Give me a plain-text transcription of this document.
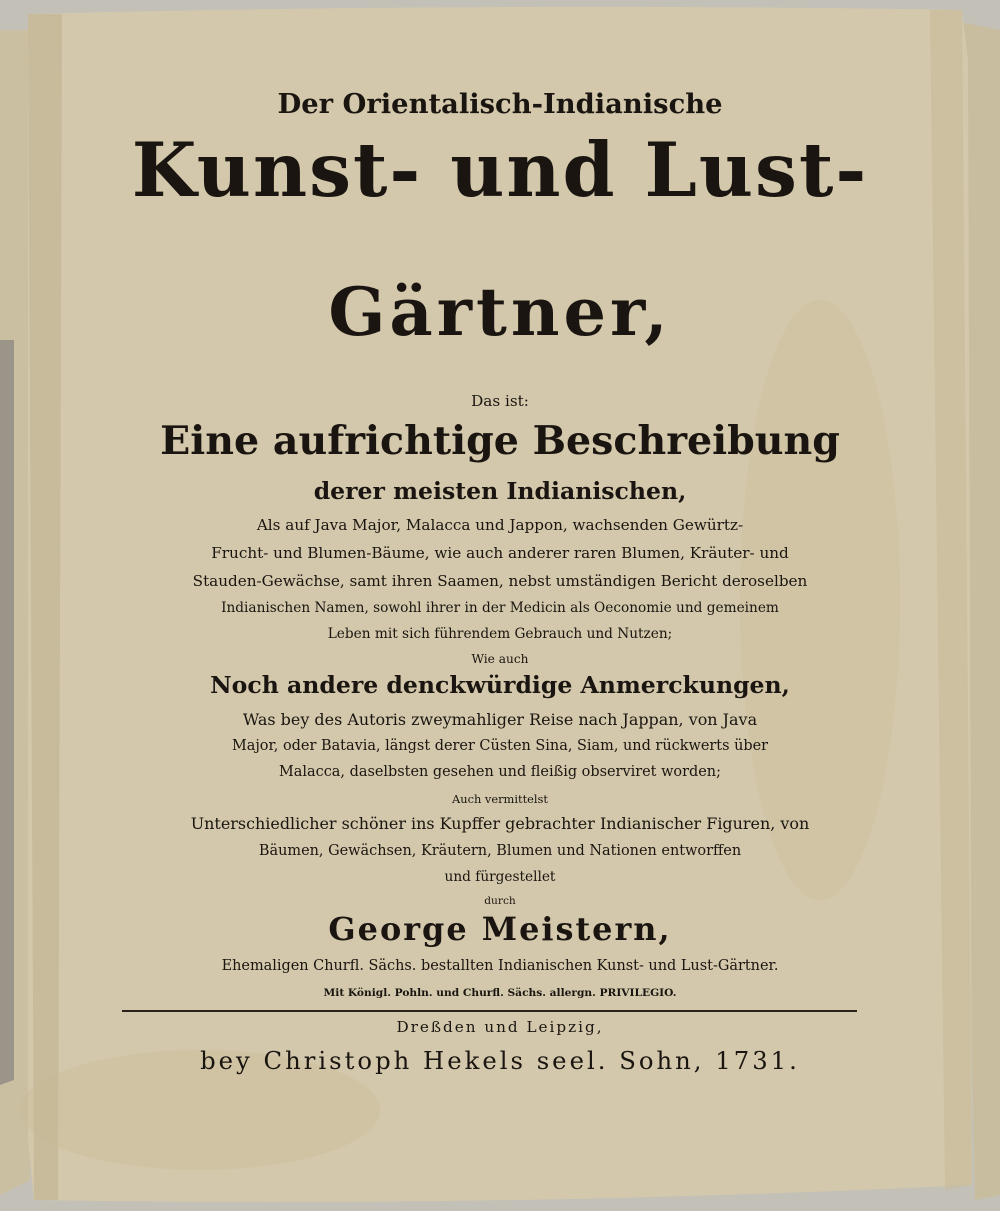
Der Orientalisch-Indianische
Kunst- und Lust-
Gärtner,
Das ist:
Eine aufrichtige Beschreibung
derer meisten Indianischen,
Als auf Java Major, Malacca und Jappon, wachsenden Gewürtz-
Frucht- und Blumen-Bäume, wie auch anderer raren Blumen, Kräuter- und
Stauden-Gewächse, samt ihren Saamen, nebst umständigen Bericht deroselben
Indianischen Namen, sowohl ihrer in der Medicin als Oeconomie und gemeinem
Leben mit sich führendem Gebrauch und Nutzen;
Wie auch
Noch andere denckwürdige Anmerckungen,
Was bey des Autoris zweymahliger Reise nach Jappan, von Java
Major, oder Batavia, längst derer Cüsten Sina, Siam, und rückwerts über
Malacca, daselbsten gesehen und fleißig observiret worden;
Auch vermittelst
Unterschiedlicher schöner ins Kupffer gebrachter Indianischer Figuren, von
Bäumen, Gewächsen, Kräutern, Blumen und Nationen entworffen
und fürgestellet
durch
George Meistern,
Ehemaligen Churfl. Sächs. bestallten Indianischen Kunst- und Lust-Gärtner.
Mit Königl. Pohln. und Churfl. Sächs. allergn. PRIVILEGIO.
Dreßden und Leipzig,
bey Christoph Hekels seel. Sohn, 1731.
